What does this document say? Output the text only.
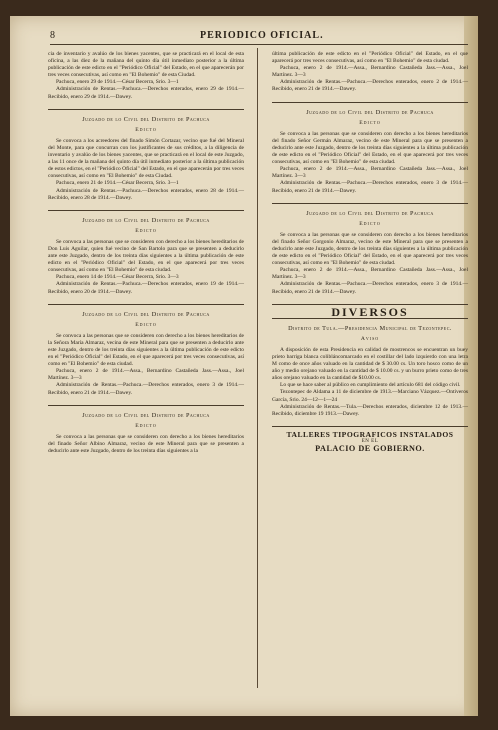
8	PERIODICO OFICIAL.

cia de inventario y avalúo de los bienes yacentes, que se practicará en el local de esta oficina, a las diez de la mañana del quinto día útil inmediato posterior a la última publicación de este edicto en el "Periódico Oficial" del Estado, en el que aparecerán por tres veces consecutivas, así como en "El Bohemio" de esta Ciudad.

Pachuca, enero 29 de 1914.—César Becerra, Srio. 3—1

Administración de Rentas.—Pachuca.—Derechos enterados, enero 29 de 1914.—Recibido, enero 29 de 1914.—Dawey.

Juzgado de lo Civil del Distrito de Pachuca
Edicto

Se convoca a los acreedores del finado Simón Cortazar, vecino que fué del Mineral del Monte, para que concurran con los justificantes de sus créditos, a la diligencia de inventario y avalúo de los bienes yacentes, que se practicará en el local de este Juzgado, a las 11 once de la mañana del quinto día útil inmediato posterior a la última publicación de estos edictos, en el "Periódico Oficial" del Estado, en el que aparecerán por tres veces consecutivas, así como en "El Bohemio" de esta Ciudad.

Pachuca, enero 21 de 1914.—César Becerra, Srio. 3—1

Administración de Rentas.—Pachuca.—Derechos enterados, enero 28 de 1914.—Recibido, enero 28 de 1914.—Dawey.

Juzgado de lo Civil del Distrito de Pachuca
Edicto

Se convoca a las personas que se consideren con derecho a los bienes hereditarios de Don Luis Aguilar, quien fué vecino de San Bartolo para que se presenten a deducirlo ante este Juzgado, dentro de los treinta días siguientes a la última publicación de este edicto en el "Periódico Oficial" del Estado, en el que aparecerá por tres veces consecutivas, así como en "El Bohemio" de esta ciudad.

Pachuca, enero 14 de 1914.—César Becerra, Srio. 3—3

Administración de Rentas.—Pachuca.—Derechos enterados, enero 19 de 1914.—Recibido, enero 20 de 1914.—Dawey.

Juzgado de lo Civil del Distrito de Pachuca
Edicto

Se convoca a las personas que se consideren con derecho a los bienes hereditarios de la Señora María Almaraz, vecina de este Mineral para que se presenten a deducirlo ante este Juzgado, dentro de los treinta días siguientes a la última publicación de este edicto en el "Periódico Oficial" del Estado, en el que aparecerá por tres veces consecutivas, así como en "El Bohemio" de esta ciudad.

Pachuca, enero 2 de 1914.—Assa., Bernardino Castañeda Jass.—Assa., Joel Martínez. 3—3

Administración de Rentas.—Pachuca.—Derechos enterados, enero 3 de 1914.—Recibido, enero 21 de 1914.—Dawey.

Juzgado de lo Civil del Distrito de Pachuca
Edicto

Se convoca a las personas que se consideren con derecho a los bienes hereditarios del finado Señor Albino Almaraz, vecino de este Mineral para que se presenten a deducirlo ante este Juzgado, dentro de los treinta días siguientes a la

última publicación de este edicto en el "Periódico Oficial" del Estado, en el que aparecerá por tres veces consecutivas, así como en "El Bohemio" de esta ciudad.

Pachuca, enero 2 de 1914.—Assa., Bernardino Castañeda Jass.—Assa., Joel Martínez. 3—3

Administración de Rentas.—Pachuca.—Derechos enterados, enero 2 de 1914.—Recibido, enero 21 de 1914.—Dawey.

Juzgado de lo Civil del Distrito de Pachuca
Edicto

Se convoca a las personas que se consideren con derecho a los bienes hereditarios del finado Señor Germán Almaraz, vecino de este Mineral para que se presenten a deducirlo ante este Juzgado, dentro de los treinta días siguientes a la última publicación de este edicto en el "Periódico Oficial" del Estado, en el que aparecerá por tres veces consecutivas, así como en "El Bohemio" de esta ciudad.

Pachuca, enero 2 de 1914.—Assa., Bernardino Castañeda Jass.—Assa., Joel Martínez. 3—3

Administración de Rentas.—Pachuca.—Derechos enterados, enero 3 de 1914.—Recibido, enero 21 de 1914.—Dawey.

Juzgado de lo Civil del Distrito de Pachuca
Edicto

Se convoca a las personas que se consideren con derecho a los bienes hereditarios del finado Señor Gorgonio Almaraz, vecino de este Mineral para que se presenten a deducirlo ante este Juzgado, dentro de los treinta días siguientes a la última publicación de este edicto en el "Periódico Oficial" del Estado, en el que aparecerá por tres veces consecutivas, así como en "El Bohemio" de esta ciudad.

Pachuca, enero 2 de 1914.—Assa., Bernardino Castañeda Jass.—Assa., Joel Martínez. 3—3

Administración de Rentas.—Pachuca.—Derechos enterados, enero 3 de 1914.—Recibido, enero 21 de 1914.—Dawey.

DIVERSOS
Distrito de Tula.—Presidencia Municipal de Tezontepec.
Aviso

A disposición de esta Presidencia en calidad de mostrencos se encuentran un buey prieto barriga blanca colibláncomarcado en el costillar del lado izquierdo con una letra M como de once años valuado en la cantidad de $ 30.00 cs. Un toro hosco como de un año y medio orejano valuado en la cantidad de $ 10.00 cs. y un burro prieto como de tres años orejano valuado en la cantidad de $10.00 cs.

Lo que se hace saber al público en cumplimiento del artículo 681 del código civil.

Tezontepec de Aldama a 11 de diciembre de 1913.—Marciano Vázquez.—Ontiveros García, Srio. 24—12—1—24

Administración de Rentas.—Tula.—Derechos enterados, diciembre 12 de 1913.—Recibido, diciembre 19 1913.—Dawey.

TALLERES TIPOGRAFICOS INSTALADOS
EN EL
PALACIO DE GOBIERNO.
